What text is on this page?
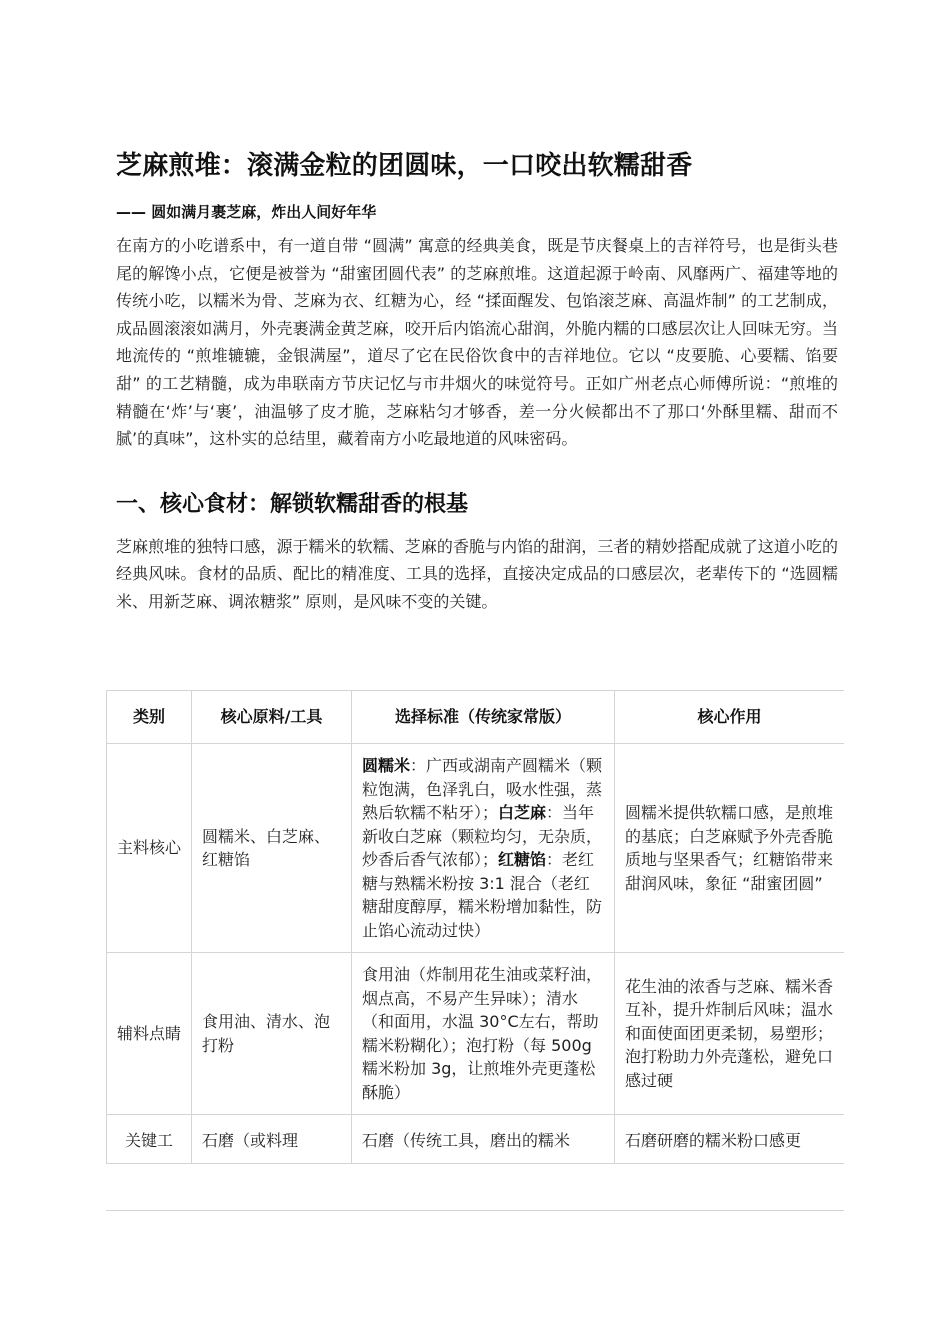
芝麻煎堆：滚满金粒的团圆味，一口咬出软糯甜香
—— 圆如满月裹芝麻，炸出人间好年华
在南方的小吃谱系中，有一道自带 “圆满” 寓意的经典美食，既是节庆餐桌上的吉祥符号，也是街头巷尾的解馋小点，它便是被誉为 “甜蜜团圆代表” 的芝麻煎堆。这道起源于岭南、风靡两广、福建等地的传统小吃，以糯米为骨、芝麻为衣、红糖为心，经 “揉面醒发、包馅滚芝麻、高温炸制” 的工艺制成，成品圆滚滚如满月，外壳裹满金黄芝麻，咬开后内馅流心甜润，外脆内糯的口感层次让人回味无穷。当地流传的 “煎堆辘辘，金银满屋”，道尽了它在民俗饮食中的吉祥地位。它以 “皮要脆、心要糯、馅要甜” 的工艺精髓，成为串联南方节庆记忆与市井烟火的味觉符号。正如广州老点心师傅所说：“煎堆的精髓在‘炸’与‘裹’，油温够了皮才脆，芝麻粘匀才够香，差一分火候都出不了那口‘外酥里糯、甜而不腻’的真味”，这朴实的总结里，藏着南方小吃最地道的风味密码。
一、核心食材：解锁软糯甜香的根基
芝麻煎堆的独特口感，源于糯米的软糯、芝麻的香脆与内馅的甜润，三者的精妙搭配成就了这道小吃的经典风味。食材的品质、配比的精准度、工具的选择，直接决定成品的口感层次，老辈传下的 “选圆糯米、用新芝麻、调浓糖浆” 原则，是风味不变的关键。
类别	核心原料/工具	选择标准（传统家常版）	核心作用
主料核心	圆糯米、白芝麻、红糖馅	圆糯米：广西或湖南产圆糯米（颗粒饱满，色泽乳白，吸水性强，蒸熟后软糯不粘牙）；白芝麻：当年新收白芝麻（颗粒均匀，无杂质，炒香后香气浓郁）；红糖馅：老红糖与熟糯米粉按 3:1 混合（老红糖甜度醇厚，糯米粉增加黏性，防止馅心流动过快）	圆糯米提供软糯口感，是煎堆的基底；白芝麻赋予外壳香脆质地与坚果香气；红糖馅带来甜润风味，象征 “甜蜜团圆”
辅料点睛	食用油、清水、泡打粉	食用油（炸制用花生油或菜籽油，烟点高，不易产生异味）；清水（和面用，水温 30°C左右，帮助糯米粉糊化）；泡打粉（每 500g 糯米粉加 3g，让煎堆外壳更蓬松酥脆）	花生油的浓香与芝麻、糯米香互补，提升炸制后风味；温水和面使面团更柔韧，易塑形；泡打粉助力外壳蓬松，避免口感过硬
关键工	石磨（或料理	石磨（传统工具，磨出的糯米	石磨研磨的糯米粉口感更
